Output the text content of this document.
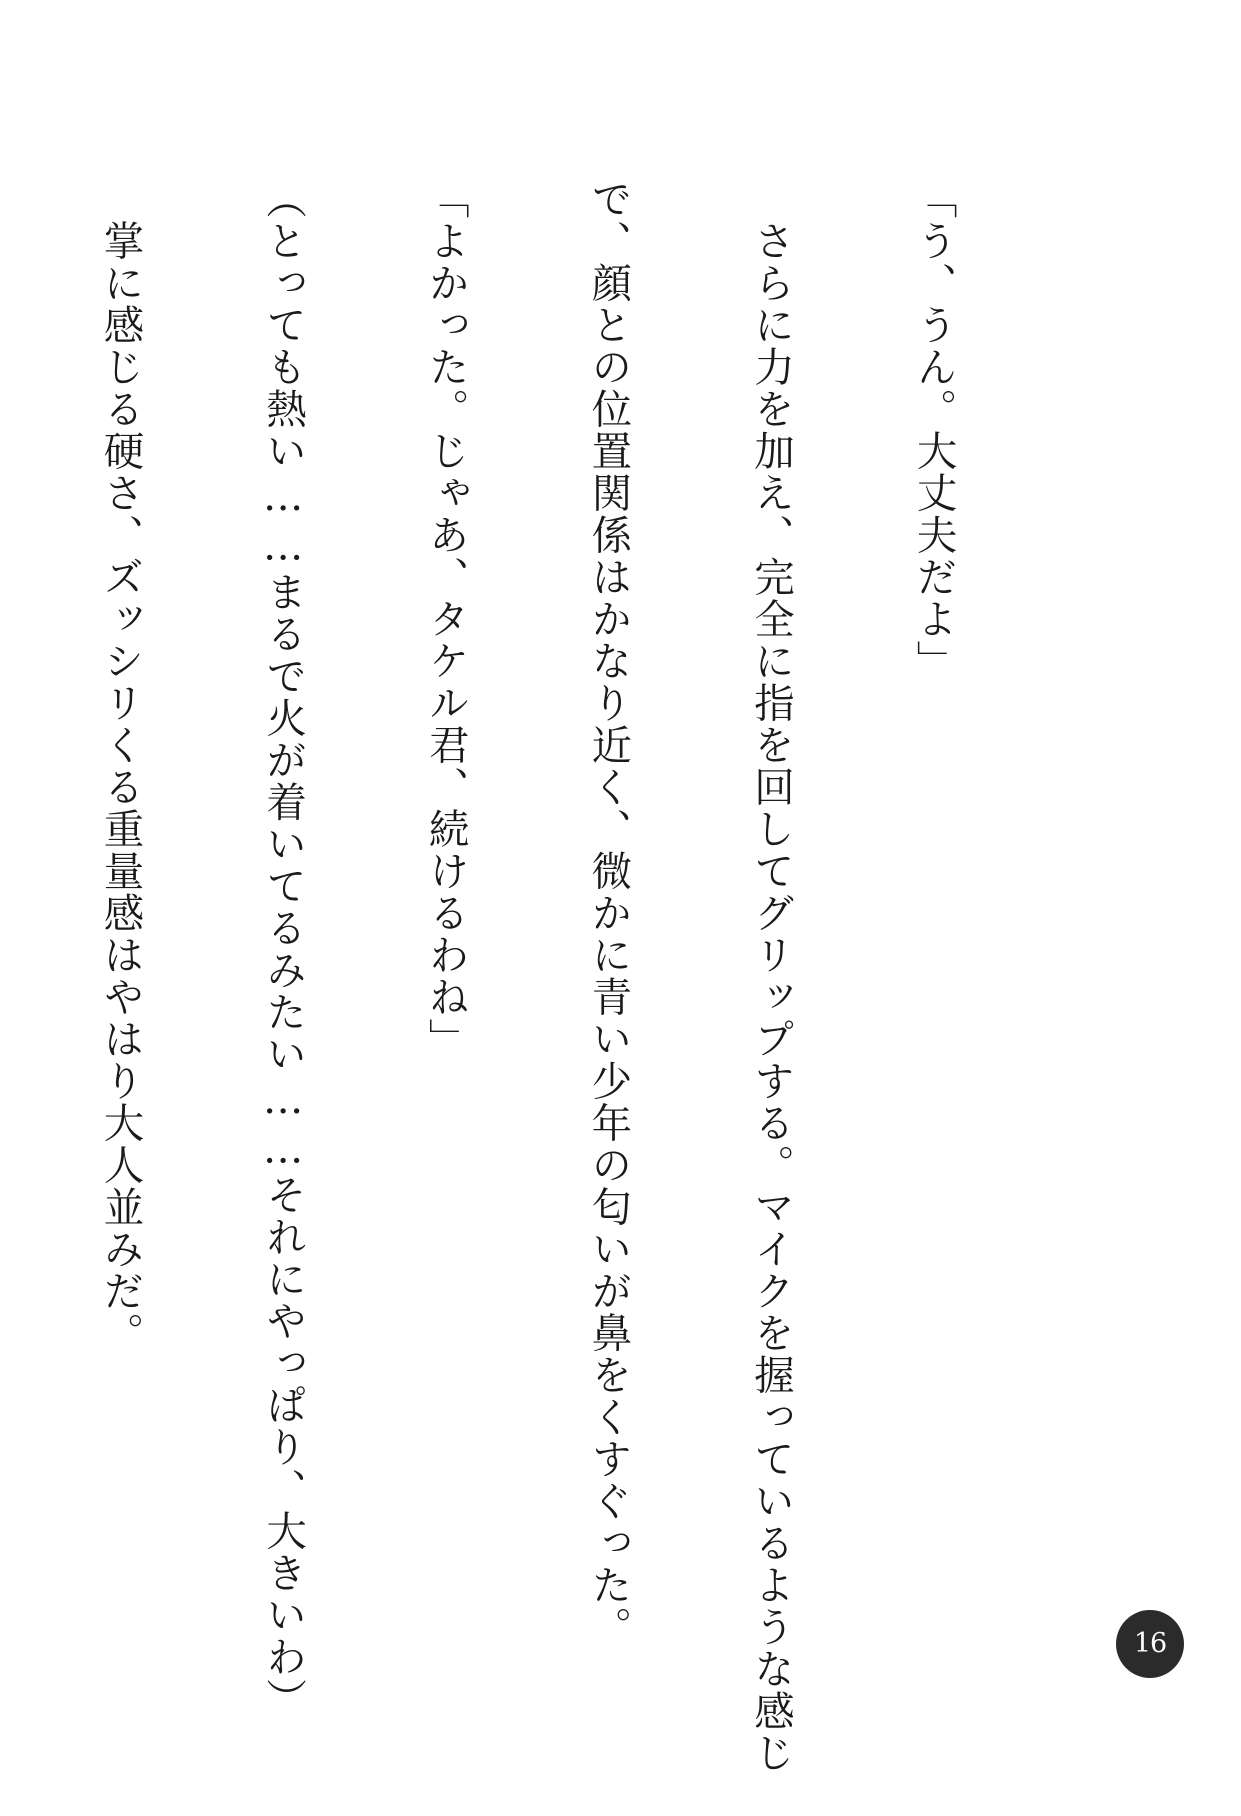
「う、うん。大丈夫だよ」

　さらに力を加え、完全に指を回してグリップする。マイクを握っているような感じ

で、顔との位置関係はかなり近く、微かに青い少年の匂いが鼻をくすぐった。

「よかった。じゃあ、タケル君、続けるわね」

（とっても熱い……まるで火が着いてるみたい……それにやっぱり、大きいわ）

　掌に感じる硬さ、ズッシリくる重量感はやはり大人並みだ。

16
